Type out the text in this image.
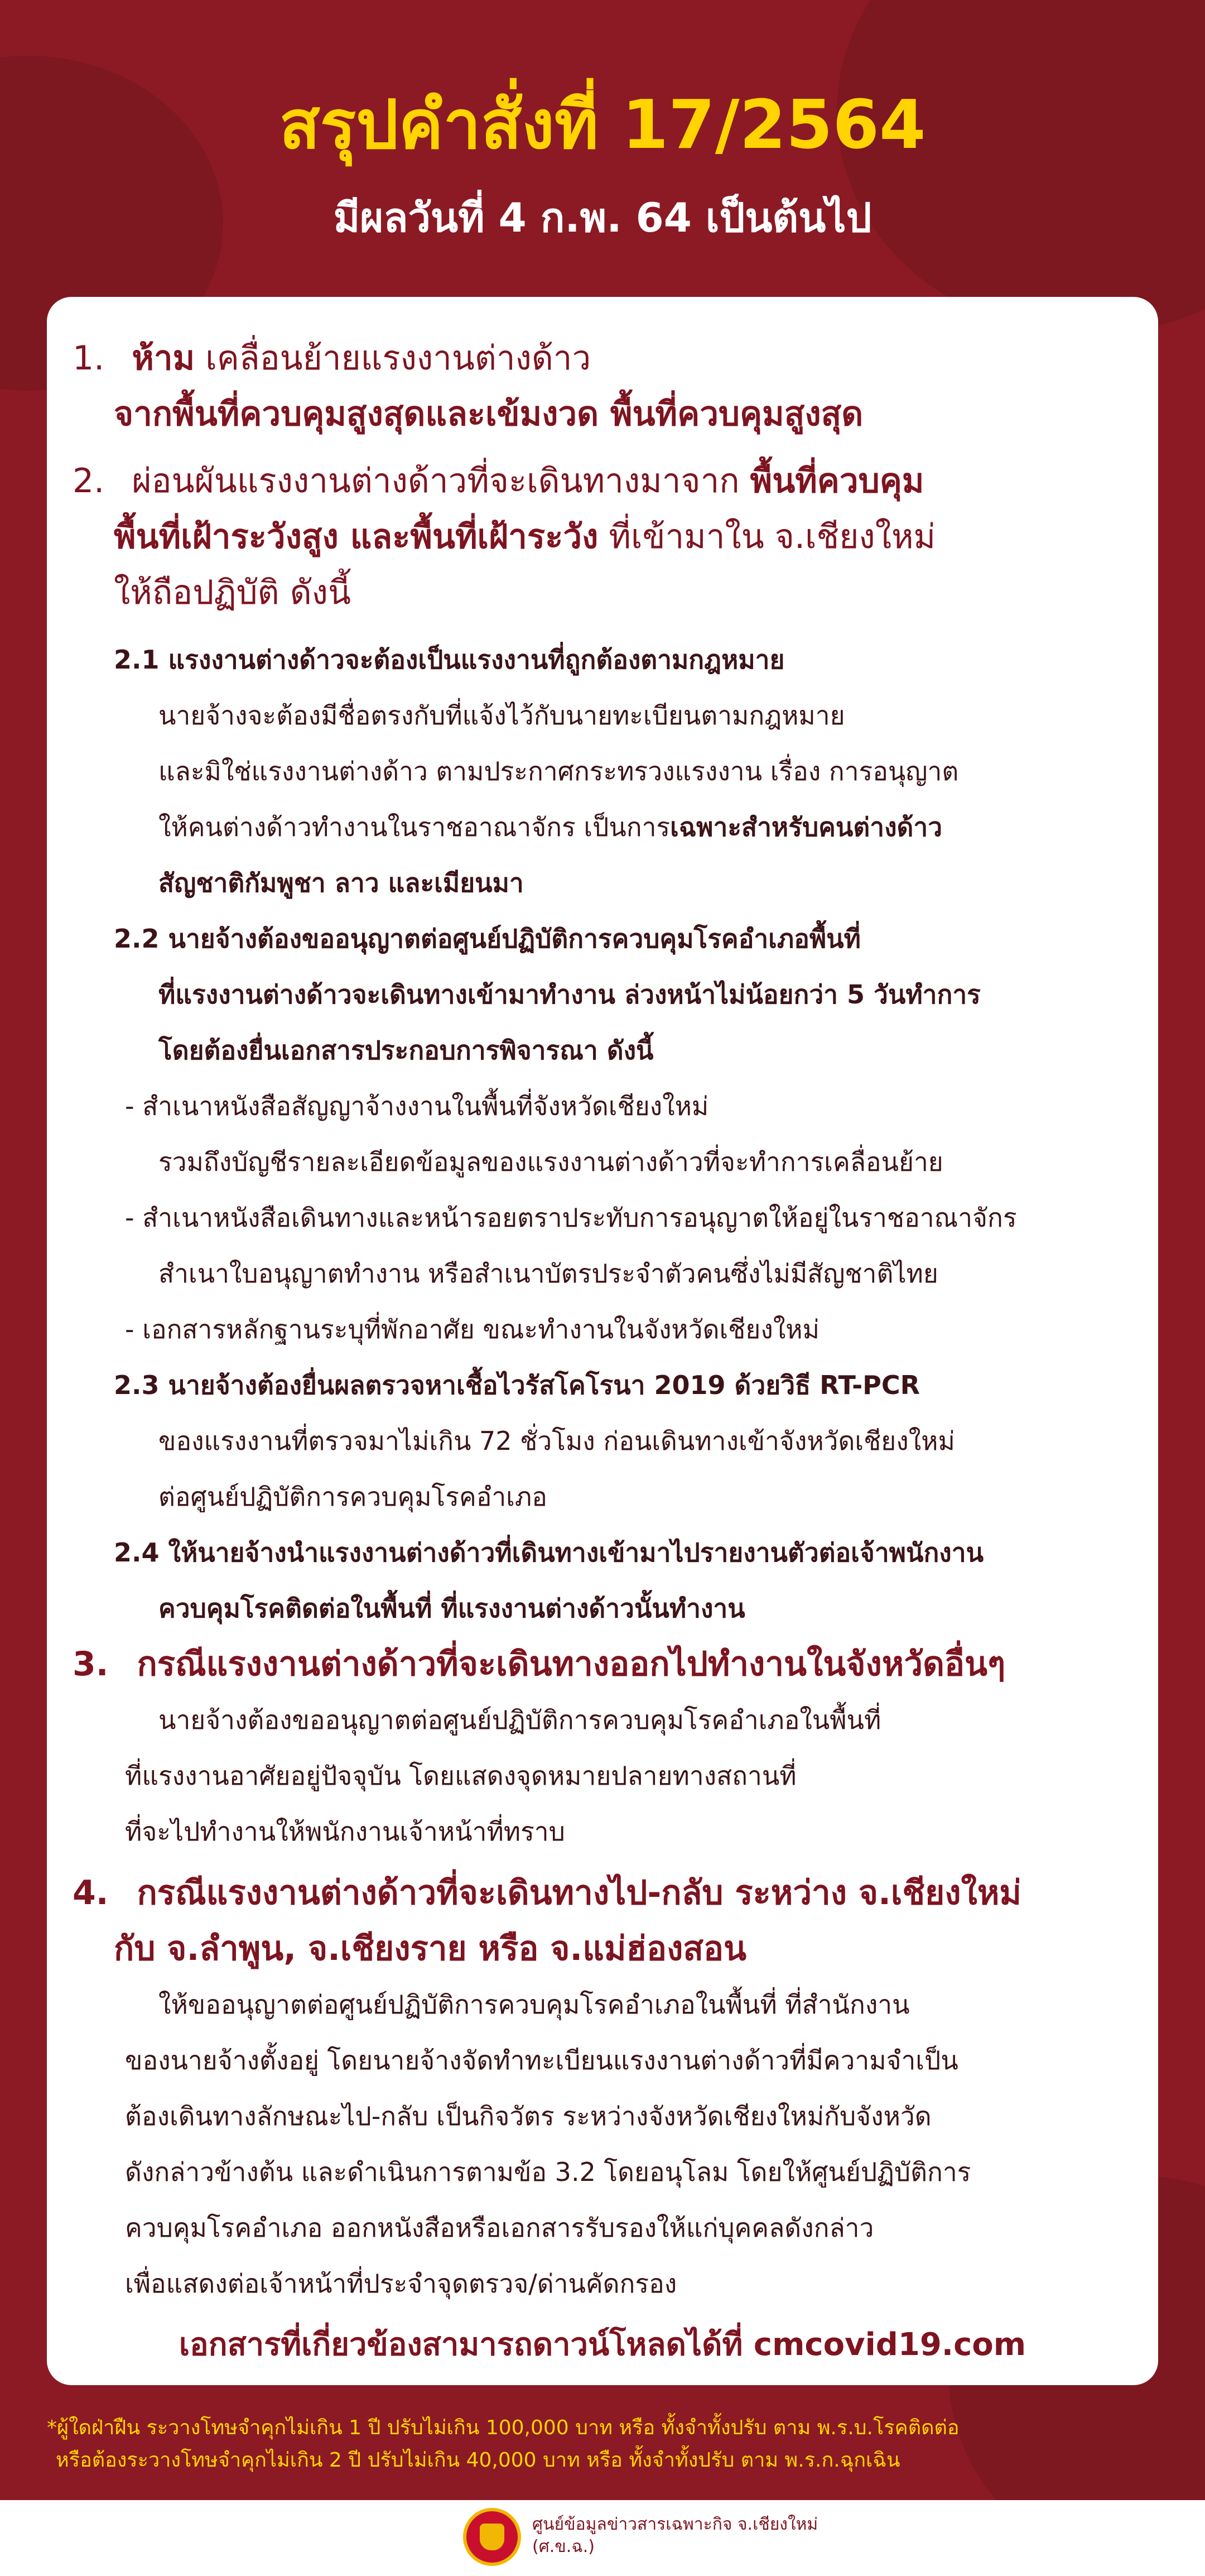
สรุปคำสั่งที่ 17/2564
มีผลวันที่ 4 ก.พ. 64 เป็นต้นไป
1. ห้าม เคลื่อนย้ายแรงงานต่างด้าว
จากพื้นที่ควบคุมสูงสุดและเข้มงวด พื้นที่ควบคุมสูงสุด
2. ผ่อนผันแรงงานต่างด้าวที่จะเดินทางมาจาก พื้นที่ควบคุม
พื้นที่เฝ้าระวังสูง และพื้นที่เฝ้าระวัง ที่เข้ามาใน จ.เชียงใหม่
ให้ถือปฏิบัติ ดังนี้
2.1 แรงงานต่างด้าวจะต้องเป็นแรงงานที่ถูกต้องตามกฎหมาย
นายจ้างจะต้องมีชื่อตรงกับที่แจ้งไว้กับนายทะเบียนตามกฎหมาย
และมิใช่แรงงานต่างด้าว ตามประกาศกระทรวงแรงงาน เรื่อง การอนุญาต
ให้คนต่างด้าวทำงานในราชอาณาจักร เป็นการเฉพาะสำหรับคนต่างด้าว
สัญชาติกัมพูชา ลาว และเมียนมา
2.2 นายจ้างต้องขออนุญาตต่อศูนย์ปฏิบัติการควบคุมโรคอำเภอพื้นที่
ที่แรงงานต่างด้าวจะเดินทางเข้ามาทำงาน ล่วงหน้าไม่น้อยกว่า 5 วันทำการ
โดยต้องยื่นเอกสารประกอบการพิจารณา ดังนี้
- สำเนาหนังสือสัญญาจ้างงานในพื้นที่จังหวัดเชียงใหม่
รวมถึงบัญชีรายละเอียดข้อมูลของแรงงานต่างด้าวที่จะทำการเคลื่อนย้าย
- สำเนาหนังสือเดินทางและหน้ารอยตราประทับการอนุญาตให้อยู่ในราชอาณาจักร
สำเนาใบอนุญาตทำงาน หรือสำเนาบัตรประจำตัวคนซึ่งไม่มีสัญชาติไทย
- เอกสารหลักฐานระบุที่พักอาศัย ขณะทำงานในจังหวัดเชียงใหม่
2.3 นายจ้างต้องยื่นผลตรวจหาเชื้อไวรัสโคโรนา 2019 ด้วยวิธี RT-PCR
ของแรงงานที่ตรวจมาไม่เกิน 72 ชั่วโมง ก่อนเดินทางเข้าจังหวัดเชียงใหม่
ต่อศูนย์ปฏิบัติการควบคุมโรคอำเภอ
2.4 ให้นายจ้างนำแรงงานต่างด้าวที่เดินทางเข้ามาไปรายงานตัวต่อเจ้าพนักงาน
ควบคุมโรคติดต่อในพื้นที่ ที่แรงงานต่างด้าวนั้นทำงาน
3. กรณีแรงงานต่างด้าวที่จะเดินทางออกไปทำงานในจังหวัดอื่นๆ
นายจ้างต้องขออนุญาตต่อศูนย์ปฏิบัติการควบคุมโรคอำเภอในพื้นที่
ที่แรงงานอาศัยอยู่ปัจจุบัน โดยแสดงจุดหมายปลายทางสถานที่
ที่จะไปทำงานให้พนักงานเจ้าหน้าที่ทราบ
4. กรณีแรงงานต่างด้าวที่จะเดินทางไป-กลับ ระหว่าง จ.เชียงใหม่
กับ จ.ลำพูน, จ.เชียงราย หรือ จ.แม่ฮ่องสอน
ให้ขออนุญาตต่อศูนย์ปฏิบัติการควบคุมโรคอำเภอในพื้นที่ ที่สำนักงาน
ของนายจ้างตั้งอยู่ โดยนายจ้างจัดทำทะเบียนแรงงานต่างด้าวที่มีความจำเป็น
ต้องเดินทางลักษณะไป-กลับ เป็นกิจวัตร ระหว่างจังหวัดเชียงใหม่กับจังหวัด
ดังกล่าวข้างต้น และดำเนินการตามข้อ 3.2 โดยอนุโลม โดยให้ศูนย์ปฏิบัติการ
ควบคุมโรคอำเภอ ออกหนังสือหรือเอกสารรับรองให้แก่บุคคลดังกล่าว
เพื่อแสดงต่อเจ้าหน้าที่ประจำจุดตรวจ/ด่านคัดกรอง
เอกสารที่เกี่ยวข้องสามารถดาวน์โหลดได้ที่ cmcovid19.com
*ผู้ใดฝ่าฝืน ระวางโทษจำคุกไม่เกิน 1 ปี ปรับไม่เกิน 100,000 บาท หรือ ทั้งจำทั้งปรับ ตาม พ.ร.บ.โรคติดต่อ
หรือต้องระวางโทษจำคุกไม่เกิน 2 ปี ปรับไม่เกิน 40,000 บาท หรือ ทั้งจำทั้งปรับ ตาม พ.ร.ก.ฉุกเฉิน
ศูนย์ข้อมูลข่าวสารเฉพาะกิจ จ.เชียงใหม่
(ศ.ข.ฉ.)
